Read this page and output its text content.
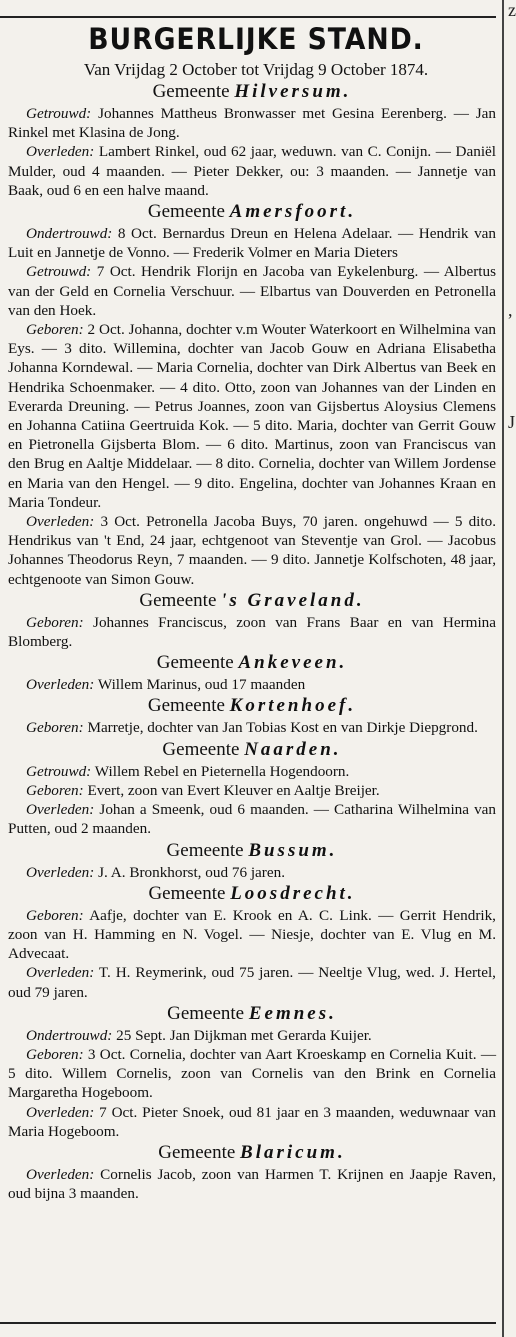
z
,
J
BURGERLIJKE STAND.
Van Vrijdag 2 October tot Vrijdag 9 October 1874.
Gemeente Hilversum.

Getrouwd: Johannes Mattheus Bronwasser met Gesina Eerenberg. — Jan Rinkel met Klasina de Jong.

Overleden: Lambert Rinkel, oud 62 jaar, weduwn. van C. Conijn. — Daniël Mulder, oud 4 maanden. — Pieter Dekker, ou: 3 maanden. — Jannetje van Baak, oud 6 en een halve maand.

Gemeente Amersfoort.

Ondertrouwd: 8 Oct. Bernardus Dreun en Helena Adelaar. — Hendrik van Luit en Jannetje de Vonno. — Frederik Volmer en Maria Dieters

Getrouwd: 7 Oct. Hendrik Florijn en Jacoba van Eykelenburg. — Albertus van der Geld en Cornelia Verschuur. — Elbartus van Douverden en Petronella van den Hoek.

Geboren: 2 Oct. Johanna, dochter v.m Wouter Waterkoort en Wilhelmina van Eys. — 3 dito. Willemina, dochter van Jacob Gouw en Adriana Elisabetha Johanna Korndewal. — Maria Cornelia, dochter van Dirk Albertus van Beek en Hendrika Schoenmaker. — 4 dito. Otto, zoon van Johannes van der Linden en Everarda Dreuning. — Petrus Joannes, zoon van Gijsbertus Aloysius Clemens en Johanna Catiina Geertruida Kok. — 5 dito. Maria, dochter van Gerrit Gouw en Pietronella Gijsberta Blom. — 6 dito. Martinus, zoon van Franciscus van den Brug en Aaltje Middelaar. — 8 dito. Cornelia, dochter van Willem Jordense en Maria van den Hengel. — 9 dito. Engelina, dochter van Johannes Kraan en Maria Tondeur.

Overleden: 3 Oct. Petronella Jacoba Buys, 70 jaren. ongehuwd — 5 dito. Hendrikus van 't End, 24 jaar, echtgenoot van Steventje van Grol. — Jacobus Johannes Theodorus Reyn, 7 maanden. — 9 dito. Jannetje Kolfschoten, 48 jaar, echtgenoote van Simon Gouw.

Gemeente 's Graveland.

Geboren: Johannes Franciscus, zoon van Frans Baar en van Hermina Blomberg.

Gemeente Ankeveen.

Overleden: Willem Marinus, oud 17 maanden

Gemeente Kortenhoef.

Geboren: Marretje, dochter van Jan Tobias Kost en van Dirkje Diepgrond.

Gemeente Naarden.

Getrouwd: Willem Rebel en Pieternella Hogendoorn.

Geboren: Evert, zoon van Evert Kleuver en Aaltje Breijer.

Overleden: Johan a Smeenk, oud 6 maanden. — Catharina Wilhelmina van Putten, oud 2 maanden.

Gemeente Bussum.

Overleden: J. A. Bronkhorst, oud 76 jaren.

Gemeente Loosdrecht.

Geboren: Aafje, dochter van E. Krook en A. C. Link. — Gerrit Hendrik, zoon van H. Hamming en N. Vogel. — Niesje, dochter van E. Vlug en M. Advecaat.

Overleden: T. H. Reymerink, oud 75 jaren. — Neeltje Vlug, wed. J. Hertel, oud 79 jaren.

Gemeente Eemnes.

Ondertrouwd: 25 Sept. Jan Dijkman met Gerarda Kuijer.

Geboren: 3 Oct. Cornelia, dochter van Aart Kroeskamp en Cornelia Kuit. — 5 dito. Willem Cornelis, zoon van Cornelis van den Brink en Cornelia Margaretha Hogeboom.

Overleden: 7 Oct. Pieter Snoek, oud 81 jaar en 3 maanden, weduwnaar van Maria Hogeboom.

Gemeente Blaricum.

Overleden: Cornelis Jacob, zoon van Harmen T. Krijnen en Jaapje Raven, oud bijna 3 maanden.
